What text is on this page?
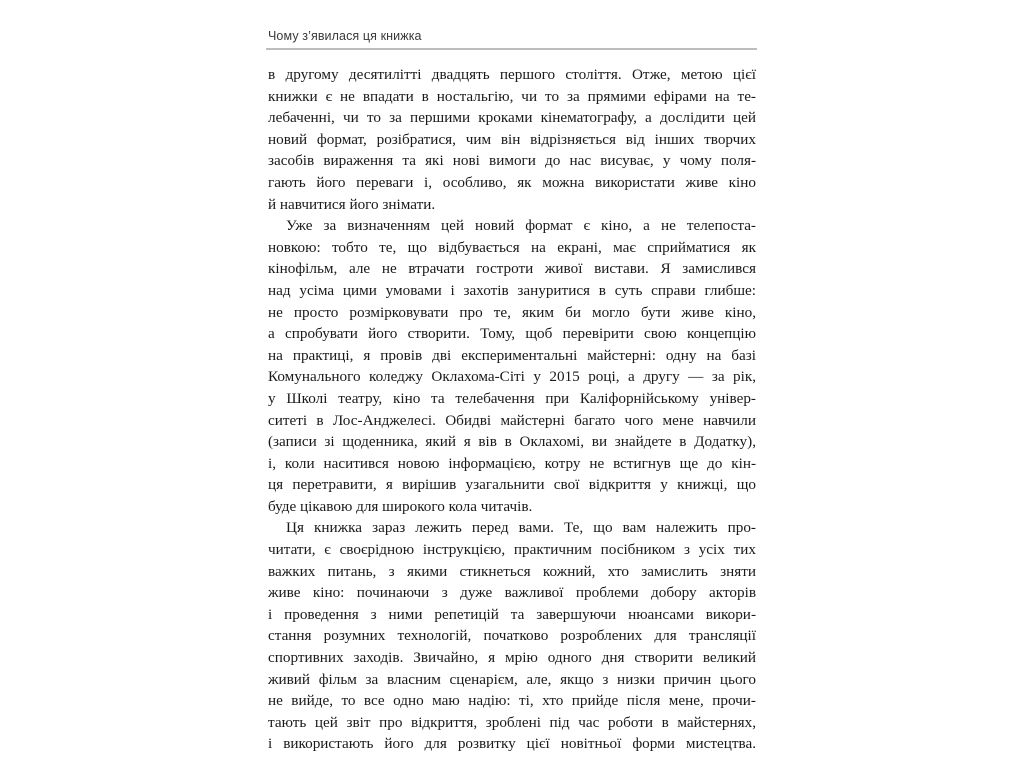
Чому з’явилася ця книжка
в другому десятилітті двадцять першого століття. Отже, метою цієї
книжки є не впадати в ностальгію, чи то за прямими ефірами на те-
лебаченні, чи то за першими кроками кінематографу, а дослідити цей
новий формат, розібратися, чим він відрізняється від інших творчих
засобів вираження та які нові вимоги до нас висуває, у чому поля-
гають його переваги і, особливо, як можна використати живе кіно
й навчитися його знімати.
Уже за визначенням цей новий формат є кіно, а не телепоста-
новкою: тобто те, що відбувається на екрані, має сприйматися як
кінофільм, але не втрачати гостроти живої вистави. Я замислився
над усіма цими умовами і захотів зануритися в суть справи глибше:
не просто розмірковувати про те, яким би могло бути живе кіно,
а спробувати його створити. Тому, щоб перевірити свою концепцію
на практиці, я провів дві експериментальні майстерні: одну на базі
Комунального коледжу Оклахома-Сіті у 2015 році, а другу — за рік,
у Школі театру, кіно та телебачення при Каліфорнійському універ-
ситеті в Лос-Анджелесі. Обидві майстерні багато чого мене навчили
(записи зі щоденника, який я вів в Оклахомі, ви знайдете в Додатку),
і, коли наситився новою інформацією, котру не встигнув ще до кін-
ця перетравити, я вирішив узагальнити свої відкриття у книжці, що
буде цікавою для широкого кола читачів.
Ця книжка зараз лежить перед вами. Те, що вам належить про-
читати, є своєрідною інструкцією, практичним посібником з усіх тих
важких питань, з якими стикнеться кожний, хто замислить зняти
живе кіно: починаючи з дуже важливої проблеми добору акторів
і проведення з ними репетицій та завершуючи нюансами викори-
стання розумних технологій, початково розроблених для трансляції
спортивних заходів. Звичайно, я мрію одного дня створити великий
живий фільм за власним сценарієм, але, якщо з низки причин цього
не вийде, то все одно маю надію: ті, хто прийде після мене, прочи-
тають цей звіт про відкриття, зроблені під час роботи в майстернях,
і використають його для розвитку цієї новітньої форми мистецтва.
